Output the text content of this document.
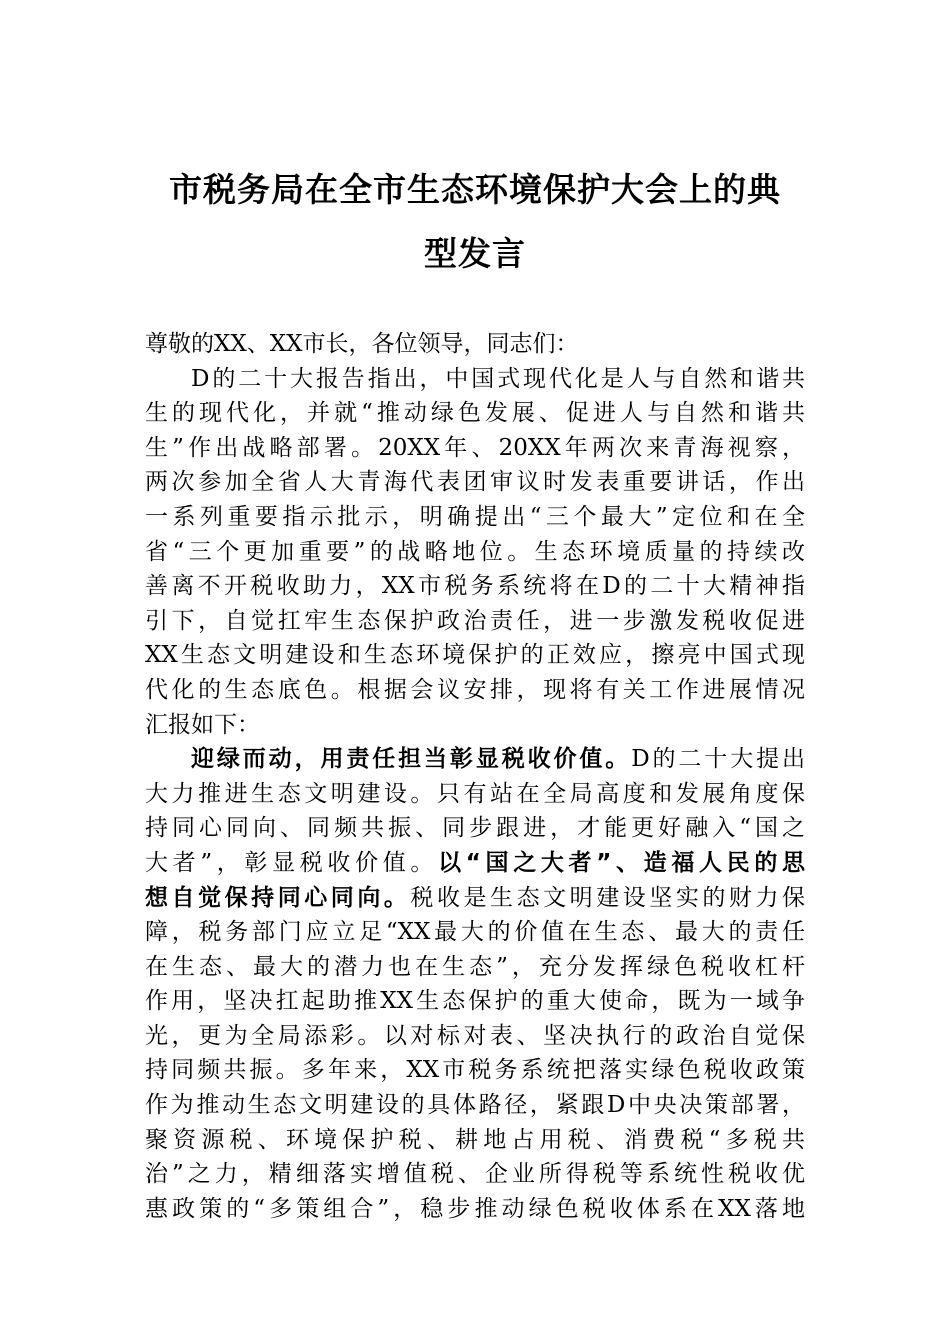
市税务局在全市生态环境保护大会上的典
型发言
尊敬的XX、XX市长，各位领导，同志们：
D的二十大报告指出，中国式现代化是人与自然和谐共
生的现代化，并就“推动绿色发展、促进人与自然和谐共
生”作出战略部署。20XX年、20XX年两次来青海视察，
两次参加全省人大青海代表团审议时发表重要讲话，作出
一系列重要指示批示，明确提出“三个最大”定位和在全
省“三个更加重要”的战略地位。生态环境质量的持续改
善离不开税收助力，XX市税务系统将在D的二十大精神指
引下，自觉扛牢生态保护政治责任，进一步激发税收促进
XX生态文明建设和生态环境保护的正效应，擦亮中国式现
代化的生态底色。根据会议安排，现将有关工作进展情况
汇报如下：
迎绿而动，用责任担当彰显税收价值。D的二十大提出
大力推进生态文明建设。只有站在全局高度和发展角度保
持同心同向、同频共振、同步跟进，才能更好融入“国之
大者”，彰显税收价值。以“国之大者”、造福人民的思
想自觉保持同心同向。税收是生态文明建设坚实的财力保
障，税务部门应立足“XX最大的价值在生态、最大的责任
在生态、最大的潜力也在生态”，充分发挥绿色税收杠杆
作用，坚决扛起助推XX生态保护的重大使命，既为一域争
光，更为全局添彩。以对标对表、坚决执行的政治自觉保
持同频共振。多年来，XX市税务系统把落实绿色税收政策
作为推动生态文明建设的具体路径，紧跟D中央决策部署，
聚资源税、环境保护税、耕地占用税、消费税“多税共
治”之力，精细落实增值税、企业所得税等系统性税收优
惠政策的“多策组合”，稳步推动绿色税收体系在XX落地
